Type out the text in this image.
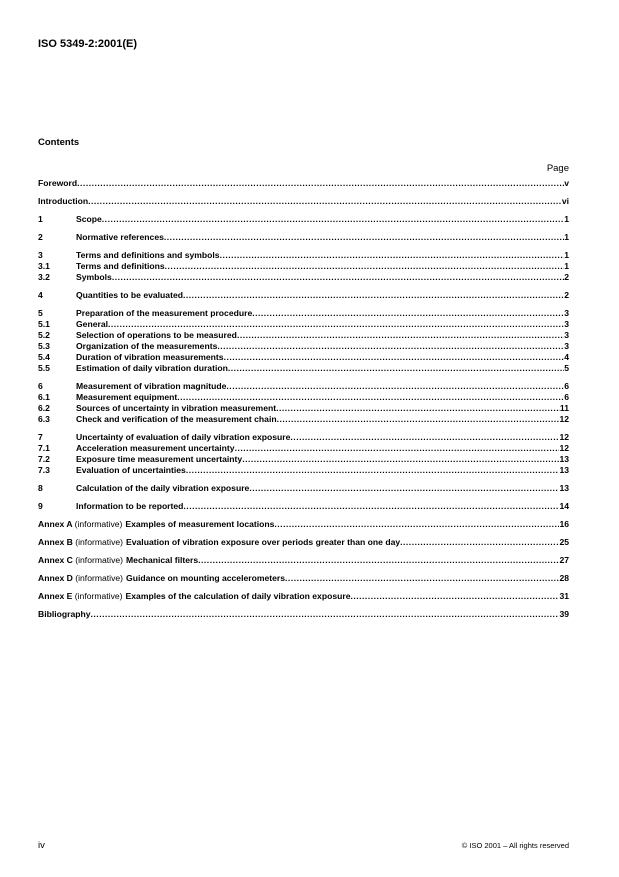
ISO 5349-2:2001(E)
Contents
Page
Foreword .....	v
Introduction .....	vi
1	Scope .....	1
2	Normative references .....	1
3	Terms and definitions and symbols .....	1
3.1	Terms and definitions .....	1
3.2	Symbols .....	2
4	Quantities to be evaluated .....	2
5	Preparation of the measurement procedure .....	3
5.1	General .....	3
5.2	Selection of operations to be measured .....	3
5.3	Organization of the measurements .....	3
5.4	Duration of vibration measurements .....	4
5.5	Estimation of daily vibration duration .....	5
6	Measurement of vibration magnitude .....	6
6.1	Measurement equipment .....	6
6.2	Sources of uncertainty in vibration measurement .....	11
6.3	Check and verification of the measurement chain .....	12
7	Uncertainty of evaluation of daily vibration exposure .....	12
7.1	Acceleration measurement uncertainty .....	12
7.2	Exposure time measurement uncertainty .....	13
7.3	Evaluation of uncertainties .....	13
8	Calculation of the daily vibration exposure .....	13
9	Information to be reported .....	14
Annex A (informative) Examples of measurement locations .....	16
Annex B (informative) Evaluation of vibration exposure over periods greater than one day .....	25
Annex C (informative) Mechanical filters .....	27
Annex D (informative) Guidance on mounting accelerometers .....	28
Annex E (informative) Examples of the calculation of daily vibration exposure .....	31
Bibliography .....	39
iv	© ISO 2001 – All rights reserved
